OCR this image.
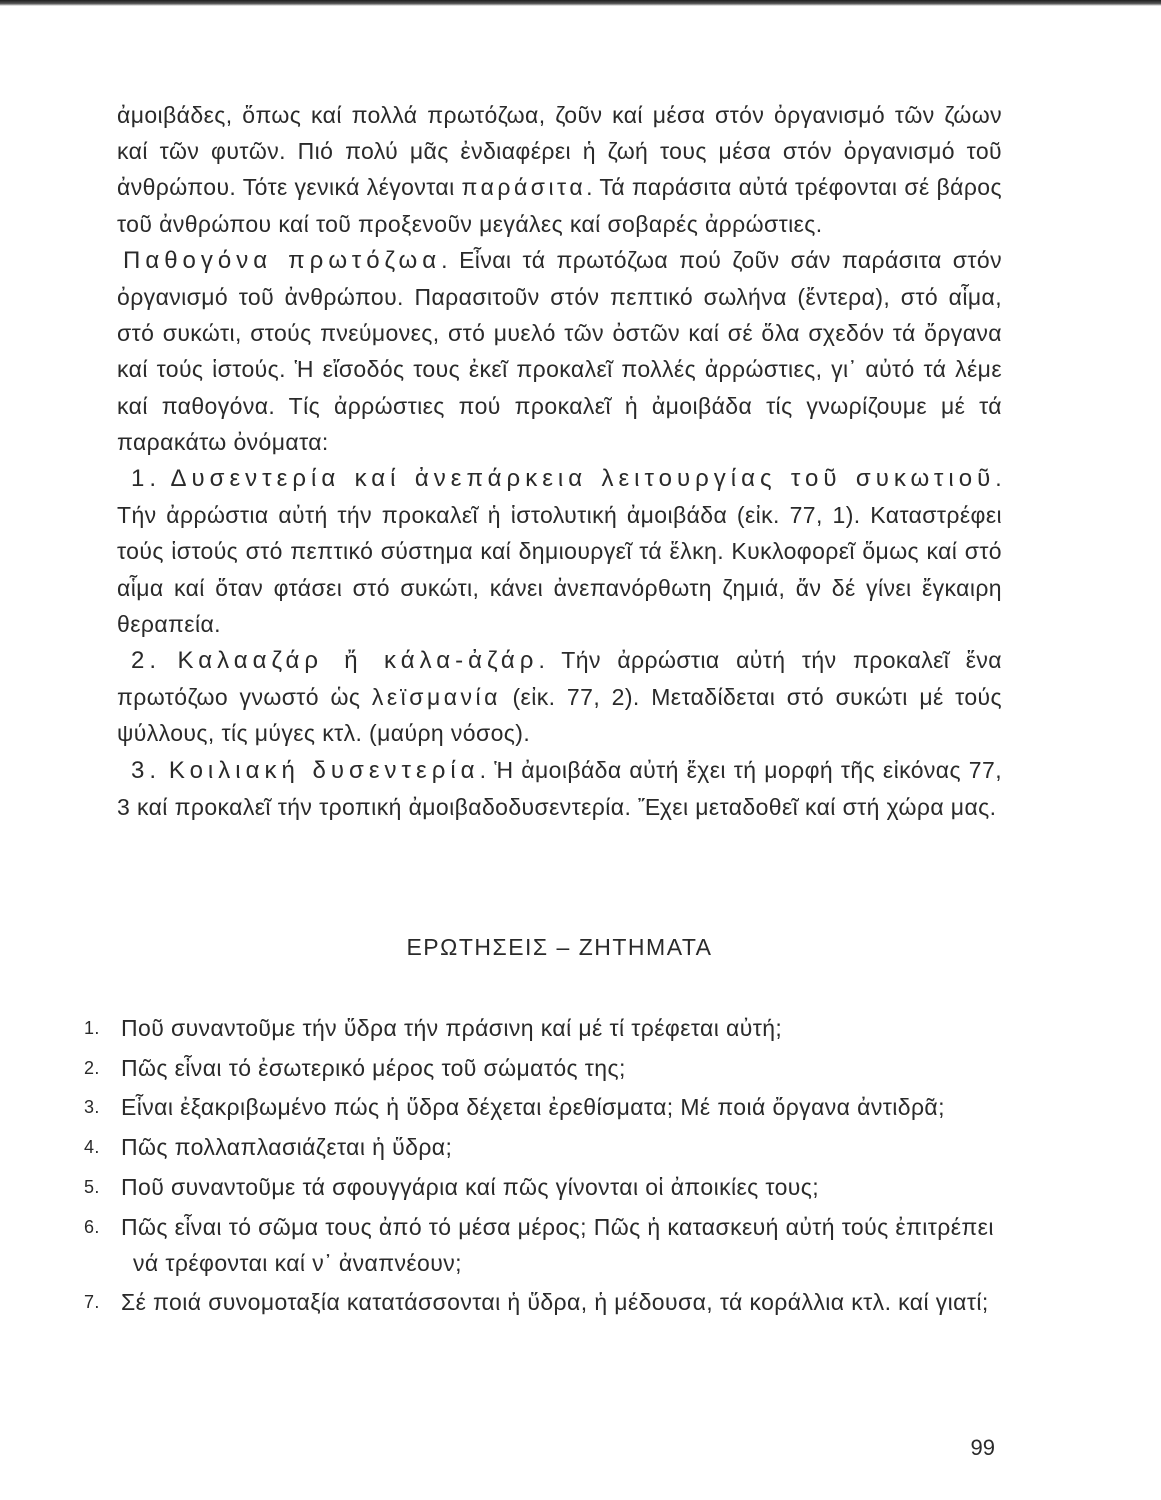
ἀμοιβάδες, ὅπως καί πολλά πρωτόζωα, ζοῦν καί μέσα στόν ὀργανισμό τῶν ζώων καί τῶν φυτῶν. Πιό πολύ μᾶς ἐνδιαφέρει ἡ ζωή τους μέσα στόν ὀργανισμό τοῦ ἀνθρώπου. Τότε γενικά λέγονται παράσιτα. Τά παράσιτα αὐτά τρέφονται σέ βάρος τοῦ ἀνθρώπου καί τοῦ προξενοῦν μεγάλες καί σοβαρές ἀρρώστιες.

Παθογόνα πρωτόζωα. Εἶναι τά πρωτόζωα πού ζοῦν σάν παράσιτα στόν ὀργανισμό τοῦ ἀνθρώπου. Παρασιτοῦν στόν πεπτικό σωλήνα (ἔντερα), στό αἷμα, στό συκώτι, στούς πνεύμονες, στό μυελό τῶν ὀστῶν καί σέ ὅλα σχεδόν τά ὄργανα καί τούς ἱστούς. Ἡ εἴσοδός τους ἐκεῖ προκαλεῖ πολλές ἀρρώστιες, γι᾿ αὐτό τά λέμε καί παθογόνα. Τίς ἀρρώστιες πού προκαλεῖ ἡ ἀμοιβάδα τίς γνωρίζουμε μέ τά παρακάτω ὀνόματα:

1. Δυσεντερία καί ἀνεπάρκεια λειτουργίας τοῦ συκωτιοῦ. Τήν ἀρρώστια αὐτή τήν προκαλεῖ ἡ ἱστολυτική ἀμοιβάδα (εἰκ. 77, 1). Καταστρέφει τούς ἱστούς στό πεπτικό σύστημα καί δημιουργεῖ τά ἕλκη. Κυκλοφορεῖ ὅμως καί στό αἷμα καί ὅταν φτάσει στό συκώτι, κάνει ἀνεπανόρθωτη ζημιά, ἄν δέ γίνει ἔγκαιρη θεραπεία.

2. Καλααζάρ ἤ κάλα-ἀζάρ. Τήν ἀρρώστια αὐτή τήν προκαλεῖ ἕνα πρωτόζωο γνωστό ὡς λεϊσμανία (εἰκ. 77, 2). Μεταδίδεται στό συκώτι μέ τούς ψύλλους, τίς μύγες κτλ. (μαύρη νόσος).

3. Κοιλιακή δυσεντερία. Ἡ ἀμοιβάδα αὐτή ἔχει τή μορφή τῆς εἰκόνας 77, 3 καί προκαλεῖ τήν τροπική ἀμοιβαδοδυσεντερία. Ἔχει μεταδοθεῖ καί στή χώρα μας.

ΕΡΩΤΗΣΕΙΣ – ΖΗΤΗΜΑΤΑ
1. Ποῦ συναντοῦμε τήν ὕδρα τήν πράσινη καί μέ τί τρέφεται αὐτή;
2. Πῶς εἶναι τό ἐσωτερικό μέρος τοῦ σώματός της;
3. Εἶναι ἐξακριβωμένο πώς ἡ ὕδρα δέχεται ἐρεθίσματα; Μέ ποιά ὄργανα ἀντιδρᾶ;
4. Πῶς πολλαπλασιάζεται ἡ ὕδρα;
5. Ποῦ συναντοῦμε τά σφουγγάρια καί πῶς γίνονται οἱ ἀποικίες τους;
6. Πῶς εἶναι τό σῶμα τους ἀπό τό μέσα μέρος; Πῶς ἡ κατασκευή αὐτή τούς ἐπιτρέπει νά τρέφονται καί ν᾿ ἀναπνέουν;
7. Σέ ποιά συνομοταξία κατατάσσονται ἡ ὕδρα, ἡ μέδουσα, τά κοράλλια κτλ. καί γιατί;
99
